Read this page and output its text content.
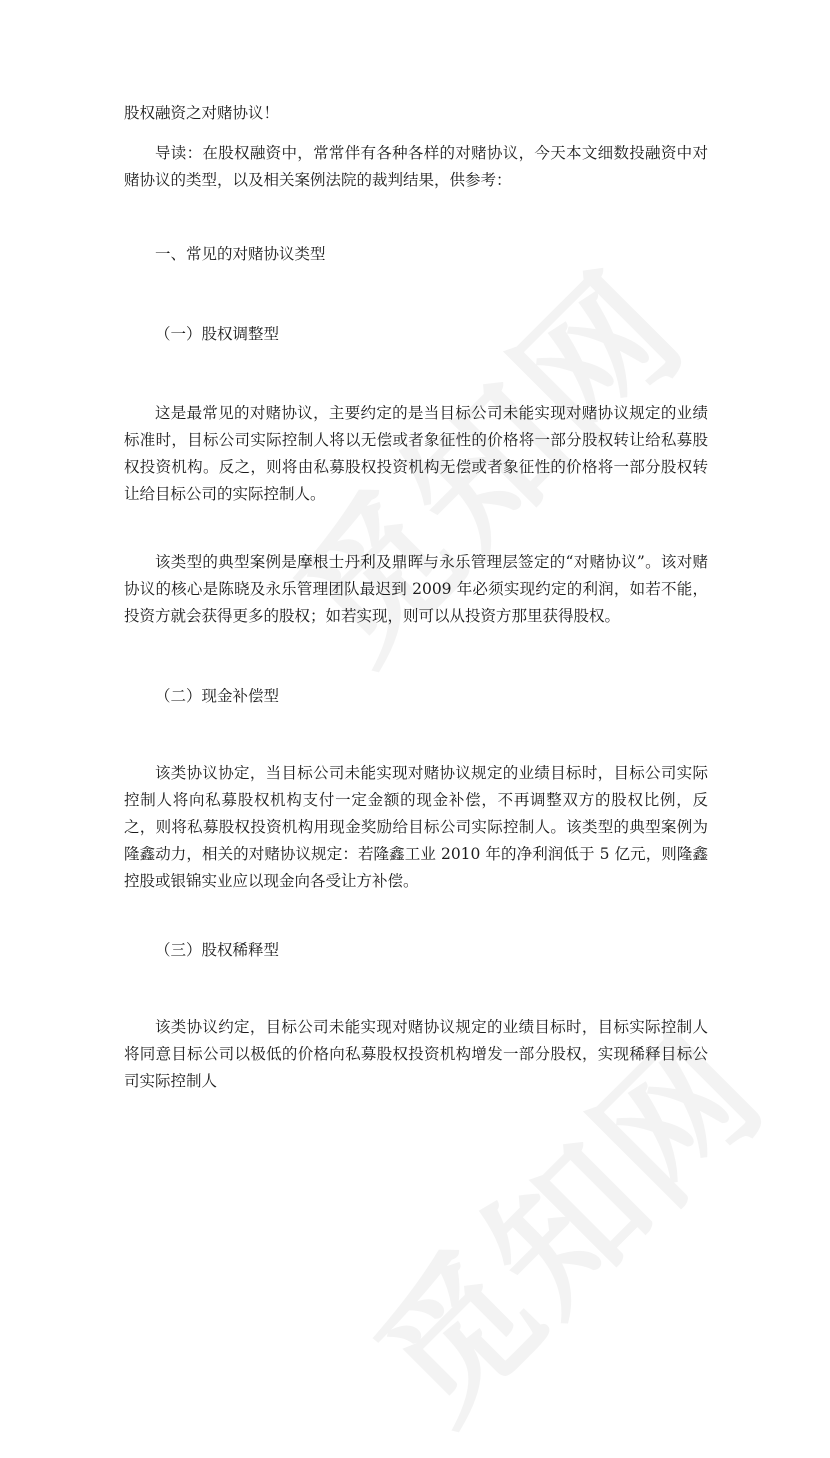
股权融资之对赌协议！
导读：在股权融资中，常常伴有各种各样的对赌协议，今天本文细数投融资中对赌协议的类型，以及相关案例法院的裁判结果，供参考：
一、常见的对赌协议类型
（一）股权调整型
这是最常见的对赌协议，主要约定的是当目标公司未能实现对赌协议规定的业绩标准时，目标公司实际控制人将以无偿或者象征性的价格将一部分股权转让给私募股权投资机构。反之，则将由私募股权投资机构无偿或者象征性的价格将一部分股权转让给目标公司的实际控制人。
该类型的典型案例是摩根士丹利及鼎晖与永乐管理层签定的“对赌协议”。该对赌协议的核心是陈晓及永乐管理团队最迟到 2009 年必须实现约定的利润，如若不能，投资方就会获得更多的股权；如若实现，则可以从投资方那里获得股权。
（二）现金补偿型
该类协议协定，当目标公司未能实现对赌协议规定的业绩目标时，目标公司实际控制人将向私募股权机构支付一定金额的现金补偿，不再调整双方的股权比例，反之，则将私募股权投资机构用现金奖励给目标公司实际控制人。该类型的典型案例为隆鑫动力，相关的对赌协议规定：若隆鑫工业 2010 年的净利润低于 5 亿元，则隆鑫控股或银锦实业应以现金向各受让方补偿。
（三）股权稀释型
该类协议约定，目标公司未能实现对赌协议规定的业绩目标时，目标实际控制人将同意目标公司以极低的价格向私募股权投资机构增发一部分股权，实现稀释目标公司实际控制人
